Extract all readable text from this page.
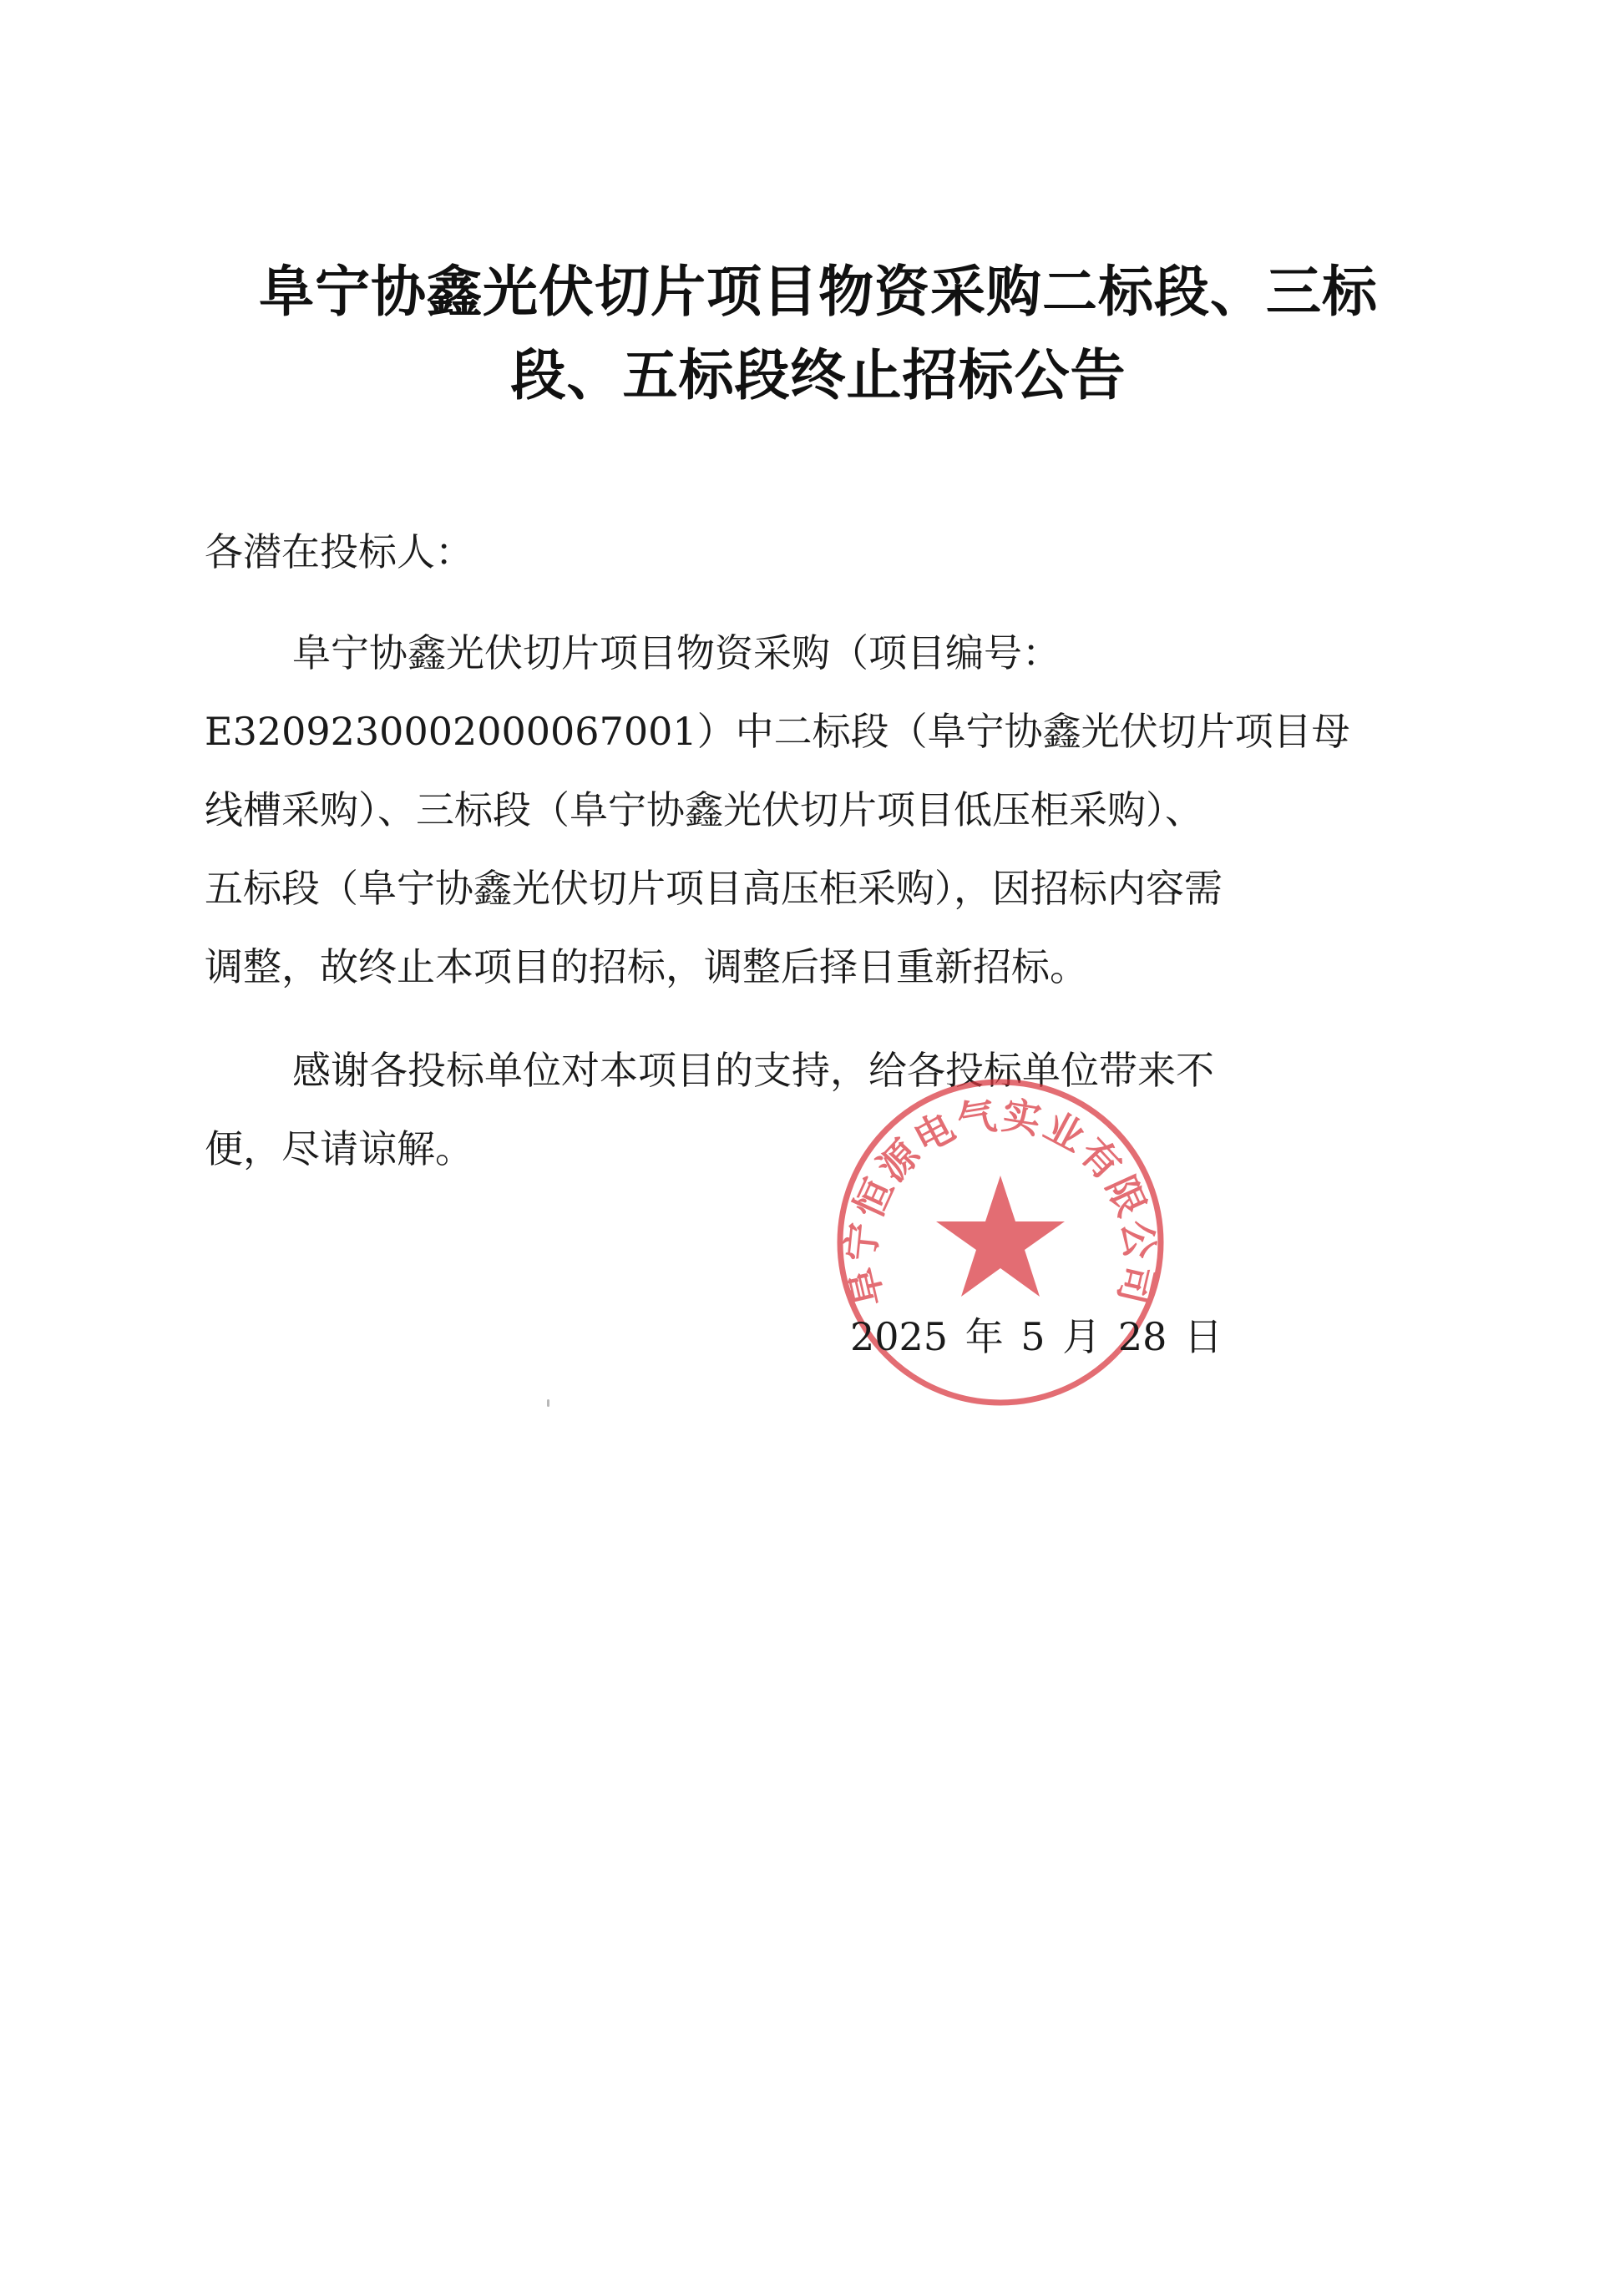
阜宁协鑫光伏切片项目物资采购二标段、三标
段、五标段终止招标公告

各潜在投标人：

阜宁协鑫光伏切片项目物资采购（项目编号：
E3209230002000067001）中二标段（阜宁协鑫光伏切片项目母
线槽采购）、三标段（阜宁协鑫光伏切片项目低压柜采购）、
五标段（阜宁协鑫光伏切片项目高压柜采购），因招标内容需
调整，故终止本项目的招标，调整后择日重新招标。

感谢各投标单位对本项目的支持，给各投标单位带来不
便，尽请谅解。

阜宁恒源电气实业有限公司

2025 年 5 月 28 日
